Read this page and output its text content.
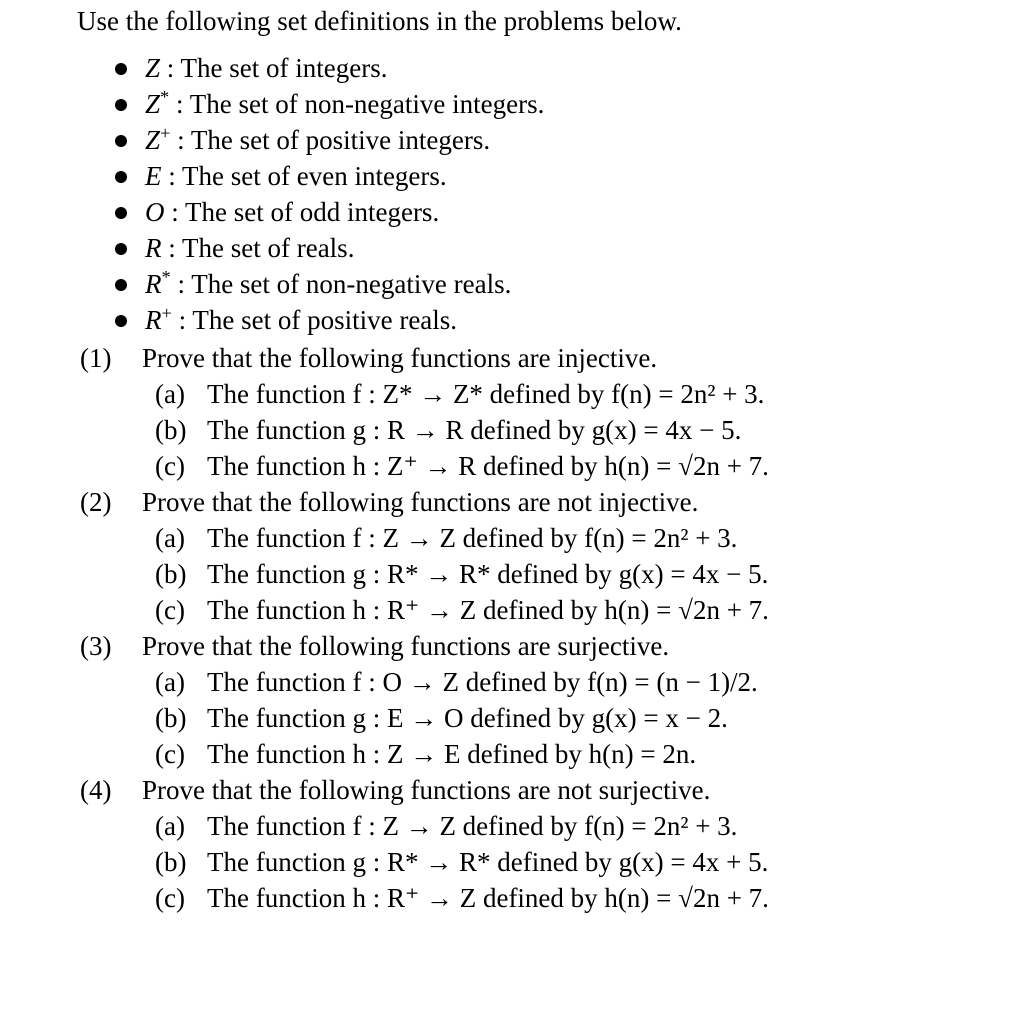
Use the following set definitions in the problems below.
Z : The set of integers.
Z* : The set of non-negative integers.
Z+ : The set of positive integers.
E : The set of even integers.
O : The set of odd integers.
R : The set of reals.
R* : The set of non-negative reals.
R+ : The set of positive reals.
(1) Prove that the following functions are injective.
(a) The function f : Z* → Z* defined by f(n) = 2n² + 3.
(b) The function g : R → R defined by g(x) = 4x − 5.
(c) The function h : Z⁺ → R defined by h(n) = √2n + 7.
(2) Prove that the following functions are not injective.
(a) The function f : Z → Z defined by f(n) = 2n² + 3.
(b) The function g : R* → R* defined by g(x) = 4x − 5.
(c) The function h : R⁺ → Z defined by h(n) = √2n + 7.
(3) Prove that the following functions are surjective.
(a) The function f : O → Z defined by f(n) = (n − 1)/2.
(b) The function g : E → O defined by g(x) = x − 2.
(c) The function h : Z → E defined by h(n) = 2n.
(4) Prove that the following functions are not surjective.
(a) The function f : Z → Z defined by f(n) = 2n² + 3.
(b) The function g : R* → R* defined by g(x) = 4x + 5.
(c) The function h : R⁺ → Z defined by h(n) = √2n + 7.
